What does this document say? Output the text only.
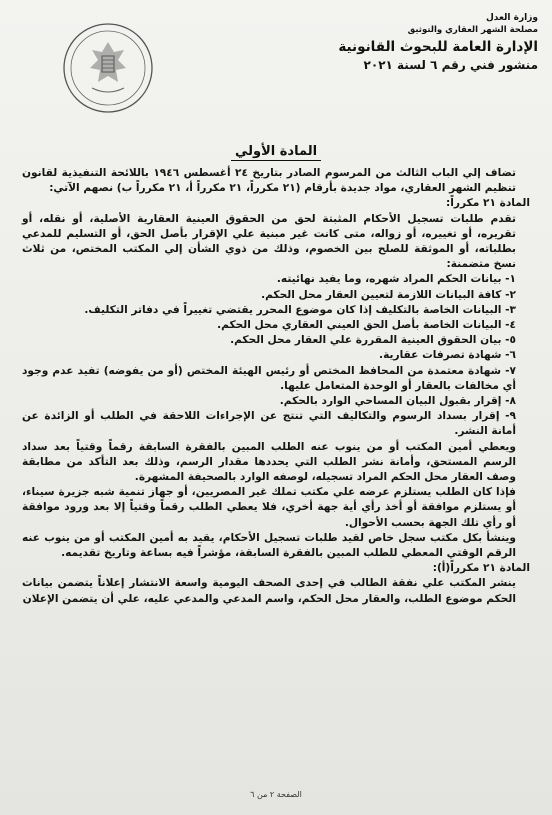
وزارة العدل
مصلحة الشهر العقاري والتوثيق
الإدارة العامة للبحوث القانونية
منشور فني رقم ٦ لسنة ٢٠٢١
المادة الأولي

تضاف إلي الباب الثالث من المرسوم الصادر بتاريخ ٢٤ أغسطس ١٩٤٦ باللائحة التنفيذية لقانون تنظيم الشهر العقاري، مواد جديدة بأرقام (٢١ مكرراً، ٢١ مكرراً أ، ٢١ مكرراً ب) نصهم الآتي:

المادة ٢١ مكرراً:

تقدم طلبات تسجيل الأحكام المثبتة لحق من الحقوق العينية العقارية الأصلية، أو نقله، أو تقريره، أو تغييره، أو زواله، متى كانت غير مبنية علي الإقرار بأصل الحق، أو التسليم للمدعي بطلباته، أو الموثقة للصلح بين الخصوم، وذلك من ذوي الشأن إلي المكتب المختص، من ثلاث نسخ متضمنة:

١- بيانات الحكم المراد شهره، وما يفيد نهائيته.

٢- كافة البيانات اللازمة لتعيين العقار محل الحكم.

٣- البيانات الخاصة بالتكليف إذا كان موضوع المحرر يقتضي تغييراً في دفاتر التكليف.

٤- البيانات الخاصة بأصل الحق العيني العقاري محل الحكم.

٥- بيان الحقوق العينية المقررة علي العقار محل الحكم.

٦- شهادة تصرفات عقارية.

٧- شهادة معتمدة من المحافظ المختص أو رئيس الهيئة المختص (أو من يفوضه) تفيد عدم وجود أي مخالفات بالعقار أو الوحدة المتعامل عليها.

٨- إقرار بقبول البيان المساحي الوارد بالحكم.

٩- إقرار بسداد الرسوم والتكاليف التي تنتج عن الإجراءات اللاحقة في الطلب أو الزائدة عن أمانة النشر.

ويعطي أمين المكتب أو من ينوب عنه الطلب المبين بالفقرة السابقة رقماً وقتياً بعد سداد الرسم المستحق، وأمانة نشر الطلب التي يحددها مقدار الرسم، وذلك بعد التأكد من مطابقة وصف العقار محل الحكم المراد تسجيله، لوصفه الوارد بالصحيفة المشهرة.

فإذا كان الطلب يستلزم عرضه علي مكتب تملك غير المصريين، أو جهاز تنمية شبه جزيرة سيناء، أو يستلزم موافقة أو أخذ رأي أية جهة أخري، فلا يعطي الطلب رقماً وقتياً إلا بعد ورود موافقة أو رأي تلك الجهة بحسب الأحوال.

وينشأ بكل مكتب سجل خاص لقيد طلبات تسجيل الأحكام، يقيد به أمين المكتب أو من ينوب عنه الرقم الوقتي المعطي للطلب المبين بالفقرة السابقة، مؤشراً فيه بساعة وتاريخ تقديمه.

المادة ٢١ مكرراً(أ):

ينشر المكتب علي نفقة الطالب في إحدى الصحف اليومية واسعة الانتشار إعلاناً يتضمن بيانات الحكم موضوع الطلب، والعقار محل الحكم، واسم المدعي والمدعي عليه، علي أن يتضمن الإعلان

الصفحة ٢ من ٦
